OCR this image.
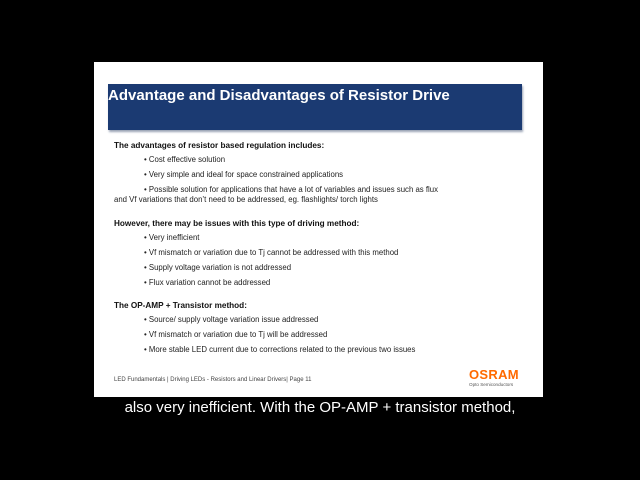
Advantage and Disadvantages of Resistor Drive

The advantages of resistor based regulation includes:

• Cost effective solution
• Very simple and ideal for space constrained applications
• Possible solution for applications that have a lot of variables and issues such as flux
and Vf variations that don’t need to be addressed, eg. flashlights/ torch lights

However, there may be issues with this type of driving method:

• Very inefficient
• Vf mismatch or variation due to Tj cannot be addressed with this method
• Supply voltage variation is not addressed
• Flux variation cannot be addressed

The OP-AMP + Transistor method:

• Source/ supply voltage variation issue addressed
• Vf mismatch or variation due to Tj will be addressed
• More stable LED current due to corrections related to the previous two issues
LED Fundamentals | Driving LEDs - Resistors and Linear Drivers| Page 11	OSRAM
Opto Semiconductors
also very inefficient. With the OP-AMP + transistor method,
